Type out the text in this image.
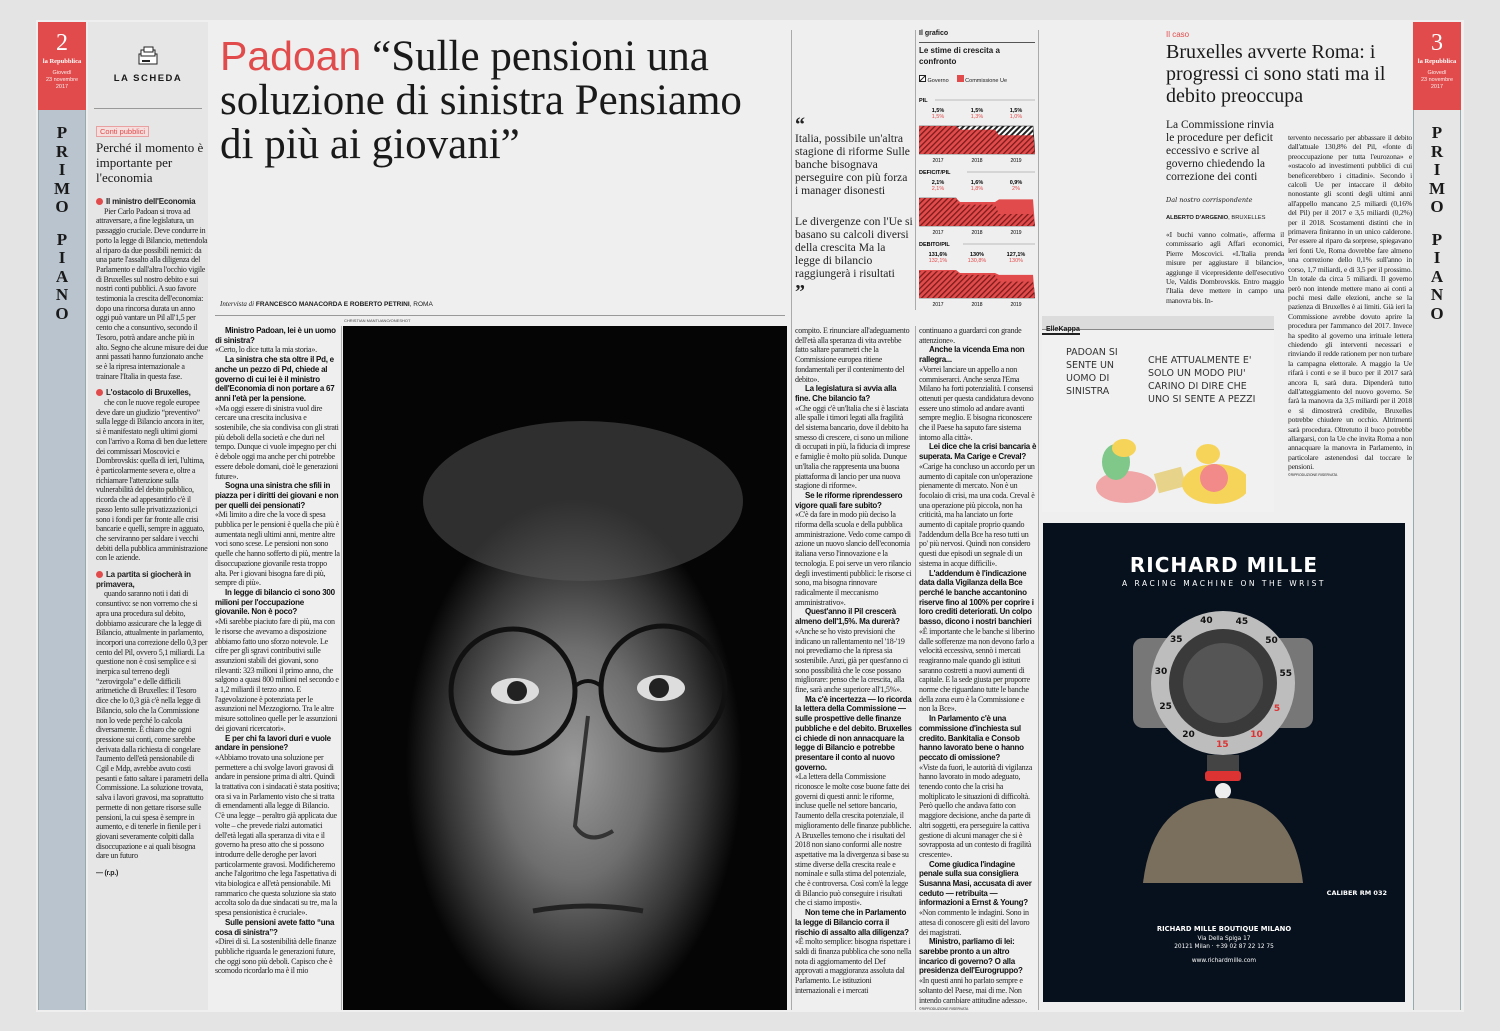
2
la Repubblica
Giovedì
23 novembre
2017
P
R
I
M
O
P
I
A
N
O
LA SCHEDA
Conti pubblici
Perché il momento è importante per l'economia
Il ministro dell'Economia

Pier Carlo Padoan si trova ad attraversare, a fine legislatura, un passaggio cruciale. Deve condurre in porto la legge di Bilancio, mettendola al riparo da due possibili nemici: da una parte l'assalto alla diligenza del Parlamento e dall'altra l'occhio vigile di Bruxelles sul nostro debito e sui nostri conti pubblici. A suo favore testimonia la crescita dell'economia: dopo una rincorsa durata un anno oggi può vantare un Pil all'1,5 per cento che a consuntivo, secondo il Tesoro, potrà andare anche più in alto. Segno che alcune misure dei due anni passati hanno funzionato anche se è la ripresa internazionale a trainare l'Italia in questa fase.

L'ostacolo di Bruxelles,

che con le nuove regole europee deve dare un giudizio “preventivo” sulla legge di Bilancio ancora in iter, si è manifestato negli ultimi giorni con l'arrivo a Roma di ben due lettere dei commissari Moscovici e Dombrovskis: quella di ieri, l'ultima, è particolarmente severa e, oltre a richiamare l'attenzione sulla vulnerabilità del debito pubblico, ricorda che ad appesantirlo c'è il passo lento sulle privatizzazioni,ci sono i fondi per far fronte alle crisi bancarie e quelli, sempre in agguato, che serviranno per saldare i vecchi debiti della pubblica amministrazione con le aziende.

La partita si giocherà in primavera,

quando saranno noti i dati di consuntivo: se non vorremo che si apra una procedura sul debito, dobbiamo assicurare che la legge di Bilancio, attualmente in parlamento, incorpori una correzione dello 0,3 per cento del Pil, ovvero 5,1 miliardi. La questione non è così semplice e si inerpica sul terreno degli “zerovirgola” e delle difficili aritmetiche di Bruxelles: il Tesoro dice che lo 0,3 già c'è nella legge di Bilancio, solo che la Commissione non lo vede perché lo calcola diversamente. È chiaro che ogni pressione sui conti, come sarebbe derivata dalla richiesta di congelare l'aumento dell'età pensionabile di Cgil e Mdp, avrebbe avuto costi pesanti e fatto saltare i parametri della Commissione. La soluzione trovata, salva i lavori gravosi, ma soprattutto permette di non gettare risorse sulle pensioni, la cui spesa è sempre in aumento, e di tenerle in fienile per i giovani severamente colpiti dalla disoccupazione e ai quali bisogna dare un futuro

— (r.p.)
Padoan “Sulle pensioni una soluzione di sinistra Pensiamo di più ai giovani”
Intervista di FRANCESCO MANACORDA E ROBERTO PETRINI, ROMA
Ministro Padoan, lei è un uomo di sinistra?
«Certo, lo dice tutta la mia storia».
La sinistra che sta oltre il Pd, e anche un pezzo di Pd, chiede al governo di cui lei è il ministro dell'Economia di non portare a 67 anni l'età per la pensione.
«Ma oggi essere di sinistra vuol dire cercare una crescita inclusiva e sostenibile, che sia condivisa con gli strati più deboli della società e che duri nel tempo. Dunque ci vuole impegno per chi è debole oggi ma anche per chi potrebbe essere debole domani, cioè le generazioni future».
Sogna una sinistra che sfili in piazza per i diritti dei giovani e non per quelli dei pensionati?
«Mi limito a dire che la voce di spesa pubblica per le pensioni è quella che più è aumentata negli ultimi anni, mentre altre voci sono scese. Le pensioni non sono quelle che hanno sofferto di più, mentre la disoccupazione giovanile resta troppo alta. Per i giovani bisogna fare di più, sempre di più».
In legge di bilancio ci sono 300 milioni per l'occupazione giovanile. Non è poco?
«Mi sarebbe piaciuto fare di più, ma con le risorse che avevamo a disposizione abbiamo fatto uno sforzo notevole. Le cifre per gli sgravi contributivi sulle assunzioni stabili dei giovani, sono rilevanti: 323 milioni il primo anno, che salgono a quasi 800 milioni nel secondo e a 1,2 miliardi il terzo anno. E l'agevolazione è potenziata per le assunzioni nel Mezzogiorno. Tra le altre misure sottolineo quelle per le assunzioni dei giovani ricercatori».
E per chi fa lavori duri e vuole andare in pensione?
«Abbiamo trovato una soluzione per permettere a chi svolge lavori gravosi di andare in pensione prima di altri. Quindi la trattativa con i sindacati è stata positiva; ora si va in Parlamento visto che si tratta di emendamenti alla legge di Bilancio. C'è una legge – peraltro già applicata due volte – che prevede rialzi automatici dell'età legati alla speranza di vita e il governo ha preso atto che si possono introdurre delle deroghe per lavori particolarmente gravosi. Modificheremo anche l'algoritmo che lega l'aspettativa di vita biologica e all'età pensionabile. Mi rammarico che questa soluzione sia stato accolta solo da due sindacati su tre, ma la spesa pensionistica è cruciale».
Sulle pensioni avete fatto “una cosa di sinistra”?
«Direi di sì. La sostenibilità delle finanze pubbliche riguarda le generazioni future, che oggi sono più deboli. Capisco che è scomodo ricordarlo ma è il mio
CHRISTIAN MANTUANO/ONESHOT
“
Italia, possibile un'altra stagione di riforme Sulle banche bisognava perseguire con più forza i manager disonesti
Le divergenze con l'Ue si basano su calcoli diversi della crescita Ma la legge di bilancio raggiungerà i risultati
”
Il grafico
Le stime di crescita a confronto
Governo	Commissione Ue
PIL
1,5%
1,5%
2017
1,5%
1,3%
2018
1,5%
1,0%
2019
DEFICIT/PIL
2,1%
2,1%
2017
1,6%
1,8%
2018
0,9%
2%
2019
DEBITO/PIL
131,6%
132,1%
2017
130%
130,8%
2018
127,1%
130%
2019
compito. E rinunciare all'adeguamento dell'età alla speranza di vita avrebbe fatto saltare parametri che la Commissione europea ritiene fondamentali per il contenimento del debito».
La legislatura si avvia alla fine. Che bilancio fa?
«Che oggi c'è un'Italia che si è lasciata alle spalle i timori legati alla fragilità del sistema bancario, dove il debito ha smesso di crescere, ci sono un milione di occupati in più, la fiducia di imprese e famiglie è molto più solida. Dunque un'Italia che rappresenta una buona piattaforma di lancio per una nuova stagione di riforme».
Se le riforme riprendessero vigore quali fare subito?
«C'è da fare in modo più deciso la riforma della scuola e della pubblica amministrazione. Vedo come campo di azione un nuovo slancio dell'economia italiana verso l'innovazione e la tecnologia. E poi serve un vero rilancio degli investimenti pubblici: le risorse ci sono, ma bisogna rinnovare radicalmente il meccanismo amministrativo».
Quest'anno il Pil crescerà almeno dell'1,5%. Ma durerà?
«Anche se ho visto previsioni che indicano un rallentamento nel '18-'19 noi prevediamo che la ripresa sia sostenibile. Anzi, già per quest'anno ci sono possibilità che le cose possano migliorare: penso che la crescita, alla fine, sarà anche superiore all'1,5%».
Ma c'è incertezza — lo ricorda la lettera della Commissione — sulle prospettive delle finanze pubbliche e del debito. Bruxelles ci chiede di non annacquare la legge di Bilancio e potrebbe presentare il conto al nuovo governo.
«La lettera della Commissione riconosce le molte cose buone fatte dei governi di questi anni: le riforme, incluse quelle nel settore bancario, l'aumento della crescita potenziale, il miglioramento delle finanze pubbliche. A Bruxelles temono che i risultati del 2018 non siano conformi alle nostre aspettative ma la divergenza si base su stime diverse della crescita reale e nominale e sulla stima del potenziale, che è controversa. Così com'è la legge di Bilancio può conseguire i risultati che ci siamo imposti».
Non teme che in Parlamento la legge di Bilancio corra il rischio di assalto alla diligenza?
«È molto semplice: bisogna rispettare i saldi di finanza pubblica che sono nella nota di aggiornamento del Def approvati a maggioranza assoluta dal Parlamento. Le istituzioni internazionali e i mercati
continuano a guardarci con grande attenzione».
Anche la vicenda Ema non rallegra...
«Vorrei lanciare un appello a non commiserarci. Anche senza l'Ema Milano ha forti potenzialità. I consensi ottenuti per questa candidatura devono essere uno stimolo ad andare avanti sempre meglio. E bisogna riconoscere che il Paese ha saputo fare sistema intorno alla città».
Lei dice che la crisi bancaria è superata. Ma Carige e Creval?
«Carige ha concluso un accordo per un aumento di capitale con un'operazione pienamente di mercato. Non è un focolaio di crisi, ma una coda. Creval è una operazione più piccola, non ha criticità, ma ha lanciato un forte aumento di capitale proprio quando l'addendum della Bce ha reso tutti un po' più nervosi. Quindi non considero questi due episodi un segnale di un sistema in acque difficili».
L'addendum è l'indicazione data dalla Vigilanza della Bce perché le banche accantonino riserve fino al 100% per coprire i loro crediti deteriorati. Un colpo basso, dicono i nostri banchieri
«È importante che le banche si liberino dalle sofferenze ma non devono farlo a velocità eccessiva, sennò i mercati reagiranno male quando gli istituti saranno costretti a nuovi aumenti di capitale. E la sede giusta per proporre norme che riguardano tutte le banche della zona euro è la Commissione e non la Bce».
In Parlamento c'è una commissione d'inchiesta sul credito. Bankitalia e Consob hanno lavorato bene o hanno peccato di omissione?
«Viste da fuori, le autorità di vigilanza hanno lavorato in modo adeguato, tenendo conto che la crisi ha moltiplicato le situazioni di difficoltà. Però quello che andava fatto con maggiore decisione, anche da parte di altri soggetti, era perseguire la cattiva gestione di alcuni manager che si è sovrapposta ad un contesto di fragilità crescente».
Come giudica l'indagine penale sulla sua consigliera Susanna Masi, accusata di aver ceduto — retribuita — informazioni a Ernst & Young?
«Non commento le indagini. Sono in attesa di conoscere gli esiti del lavoro dei magistrati.
Ministro, parliamo di lei: sarebbe pronto a un altro incarico di governo? O alla presidenza dell'Eurogruppo?
«In questi anni ho parlato sempre e soltanto del Paese, mai di me. Non intendo cambiare attitudine adesso».
©RIPRODUZIONE RISERVATA
Il caso
Bruxelles avverte Roma: i progressi ci sono stati ma il debito preoccupa
La Commissione rinvia le procedure per deficit eccessivo e scrive al governo chiedendo la correzione dei conti
Dal nostro corrispondente
ALBERTO D'ARGENIO, BRUXELLES
«I buchi vanno colmati», afferma il commissario agli Affari economici, Pierre Moscovici. «L'Italia prenda misure per aggiustare il bilancio», aggiunge il vicepresidente dell'esecutivo Ue, Valdis Dombrovskis. Entro maggio l'Italia deve mettere in campo una manovra bis. In-
tervento necessario per abbassare il debito dall'attuale 130,8% del Pil, «fonte di preoccupazione per tutta l'eurozona» e «ostacolo ad investimenti pubblici di cui beneficerebbero i cittadini». Secondo i calcoli Ue per intaccare il debito nonostante gli sconti degli ultimi anni all'appello mancano 2,5 miliardi (0,16% del Pil) per il 2017 e 3,5 miliardi (0,2%) per il 2018. Scostamenti distinti che in primavera finiranno in un unico calderone. Per essere al riparo da sorprese, spiegavano ieri fonti Ue, Roma dovrebbe fare almeno una correzione dello 0,1% sull'anno in corso, 1,7 miliardi, e di 3,5 per il prossimo. Un totale da circa 5 miliardi. Il governo però non intende mettere mano ai conti a pochi mesi dalle elezioni, anche se la pazienza di Bruxelles è ai limiti. Già ieri la Commissione avrebbe dovuto aprire la procedura per l'ammanco del 2017. Invece ha spedito al governo una irrituale lettera chiedendo gli interventi necessari e rinviando il redde rationem per non turbare la campagna elettorale. A maggio la Ue rifarà i conti e se il buco per il 2017 sarà ancora lì, sarà dura. Dipenderà tutto dall'atteggiamento del nuovo governo. Se farà la manovra da 3,5 miliardi per il 2018 e si dimostrerà credibile, Bruxelles potrebbe chiudere un occhio. Altrimenti sarà procedura. Oltretutto il buco potrebbe allargarsi, con la Ue che invita Roma a non annacquare la manovra in Parlamento, in particolare astenendosi dal toccare le pensioni.
©RIPRODUZIONE RISERVATA
3
la Repubblica
Giovedì
23 novembre
2017
P
R
I
M
O
P
I
A
N
O
ElleKappa
PADOAN SI SENTE UN UOMO DI SINISTRA
CHE ATTUALMENTE E' SOLO UN MODO PIU' CARINO DI DIRE CHE UNO SI SENTE A PEZZI
RICHARD MILLE
A RACING MACHINE ON THE WRIST
45
50
55
5
10
15
20
25
30
35
40
CALIBER RM 032
RICHARD MILLE BOUTIQUE MILANO
Via Della Spiga 17
20121 Milan · +39 02 87 22 12 75
www.richardmille.com
